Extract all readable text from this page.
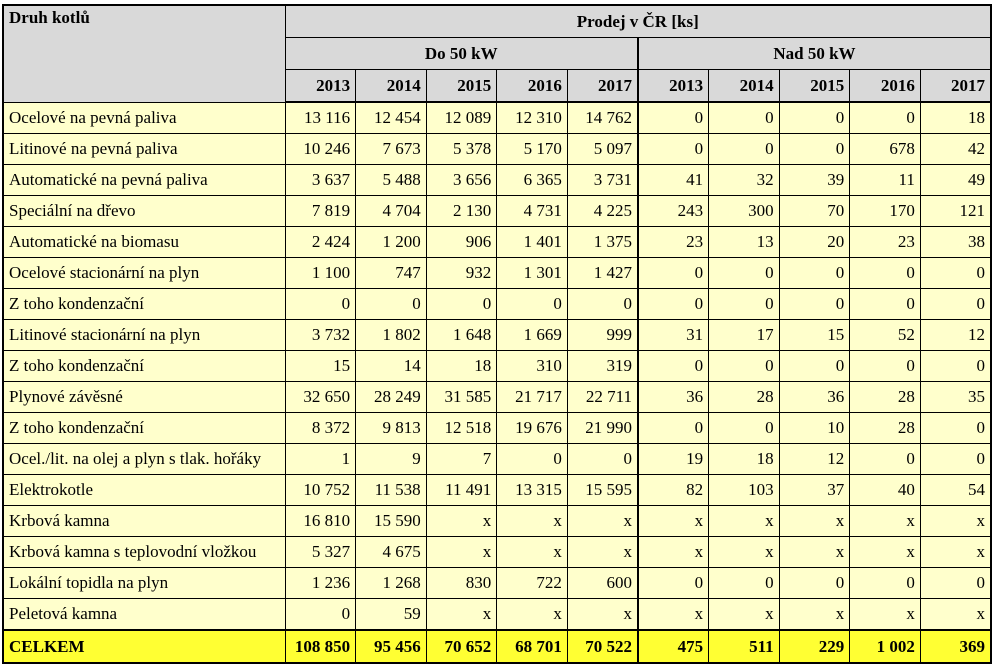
Druh kotlů	Prodej v ČR [ks]									
	Do 50 kW					Nad 50 kW				
	2013	2014	2015	2016	2017	2013	2014	2015	2016	2017
Ocelové na pevná paliva	13 116	12 454	12 089	12 310	14 762	0	0	0	0	18
Litinové na pevná paliva	10 246	7 673	5 378	5 170	5 097	0	0	0	678	42
Automatické na pevná paliva	3 637	5 488	3 656	6 365	3 731	41	32	39	11	49
Speciální na dřevo	7 819	4 704	2 130	4 731	4 225	243	300	70	170	121
Automatické na biomasu	2 424	1 200	906	1 401	1 375	23	13	20	23	38
Ocelové stacionární na plyn	1 100	747	932	1 301	1 427	0	0	0	0	0
Z toho kondenzační	0	0	0	0	0	0	0	0	0	0
Litinové stacionární na plyn	3 732	1 802	1 648	1 669	999	31	17	15	52	12
Z toho kondenzační	15	14	18	310	319	0	0	0	0	0
Plynové závěsné	32 650	28 249	31 585	21 717	22 711	36	28	36	28	35
Z toho kondenzační	8 372	9 813	12 518	19 676	21 990	0	0	10	28	0
Ocel./lit. na olej a plyn s tlak. hořáky	1	9	7	0	0	19	18	12	0	0
Elektrokotle	10 752	11 538	11 491	13 315	15 595	82	103	37	40	54
Krbová kamna	16 810	15 590	x	x	x	x	x	x	x	x
Krbová kamna s teplovodní vložkou	5 327	4 675	x	x	x	x	x	x	x	x
Lokální topidla na plyn	1 236	1 268	830	722	600	0	0	0	0	0
Peletová kamna	0	59	x	x	x	x	x	x	x	x
CELKEM	108 850	95 456	70 652	68 701	70 522	475	511	229	1 002	369
